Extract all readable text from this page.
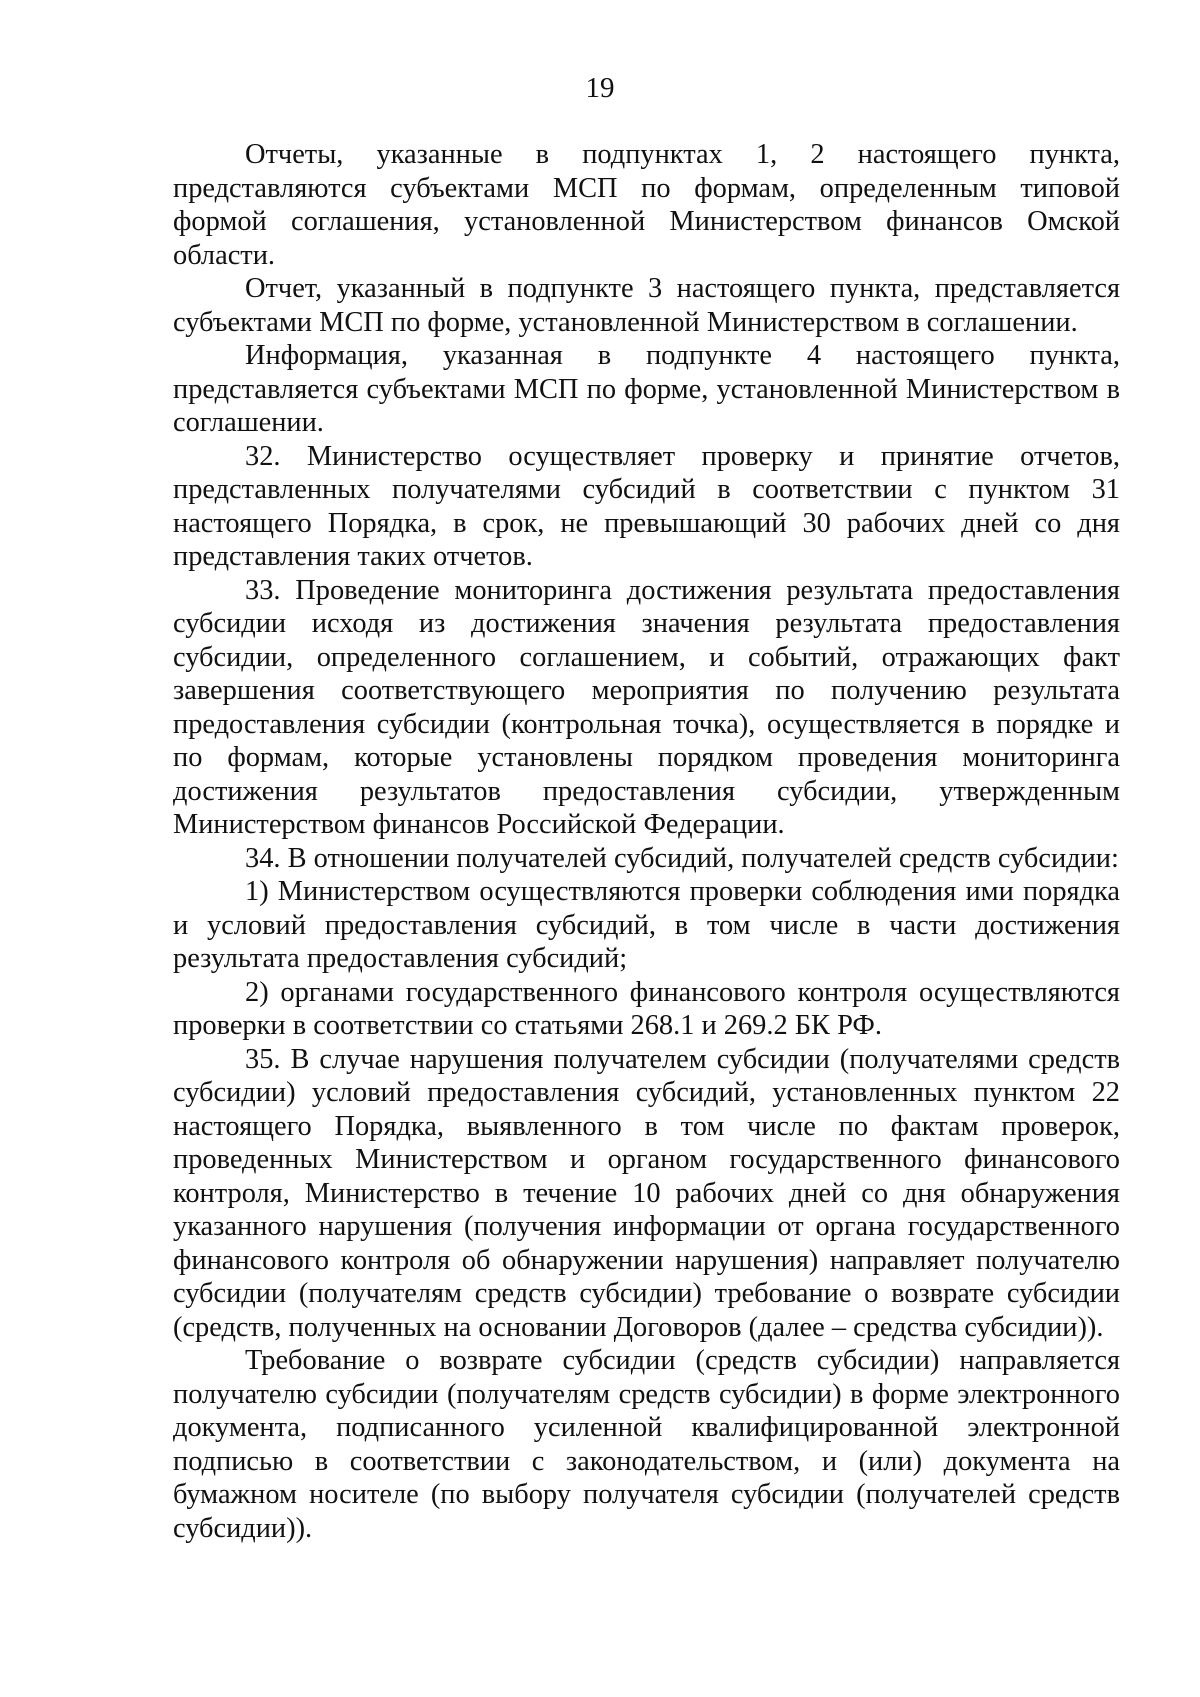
19

Отчеты, указанные в подпунктах 1, 2 настоящего пункта, представляются субъектами МСП по формам, определенным типовой формой соглашения, установленной Министерством финансов Омской области.

Отчет, указанный в подпункте 3 настоящего пункта, представляется субъектами МСП по форме, установленной Министерством в соглашении.

Информация, указанная в подпункте 4 настоящего пункта, представляется субъектами МСП по форме, установленной Министерством в соглашении.

32. Министерство осуществляет проверку и принятие отчетов, представленных получателями субсидий в соответствии с пунктом 31 настоящего Порядка, в срок, не превышающий 30 рабочих дней со дня представления таких отчетов.

33. Проведение мониторинга достижения результата предоставления субсидии исходя из достижения значения результата предоставления субсидии, определенного соглашением, и событий, отражающих факт завершения соответствующего мероприятия по получению результата предоставления субсидии (контрольная точка), осуществляется в порядке и по формам, которые установлены порядком проведения мониторинга достижения результатов предоставления субсидии, утвержденным Министерством финансов Российской Федерации.

34. В отношении получателей субсидий, получателей средств субсидии:

1) Министерством осуществляются проверки соблюдения ими порядка и условий предоставления субсидий, в том числе в части достижения результата предоставления субсидий;

2) органами государственного финансового контроля осуществляются проверки в соответствии со статьями 268.1 и 269.2 БК РФ.

35. В случае нарушения получателем субсидии (получателями средств субсидии) условий предоставления субсидий, установленных пунктом 22 настоящего Порядка, выявленного в том числе по фактам проверок, проведенных Министерством и органом государственного финансового контроля, Министерство в течение 10 рабочих дней со дня обнаружения указанного нарушения (получения информации от органа государственного финансового контроля об обнаружении нарушения) направляет получателю субсидии (получателям средств субсидии) требование о возврате субсидии (средств, полученных на основании Договоров (далее – средства субсидии)).

Требование о возврате субсидии (средств субсидии) направляется получателю субсидии (получателям средств субсидии) в форме электронного документа, подписанного усиленной квалифицированной электронной подписью в соответствии с законодательством, и (или) документа на бумажном носителе (по выбору получателя субсидии (получателей средств субсидии)).
